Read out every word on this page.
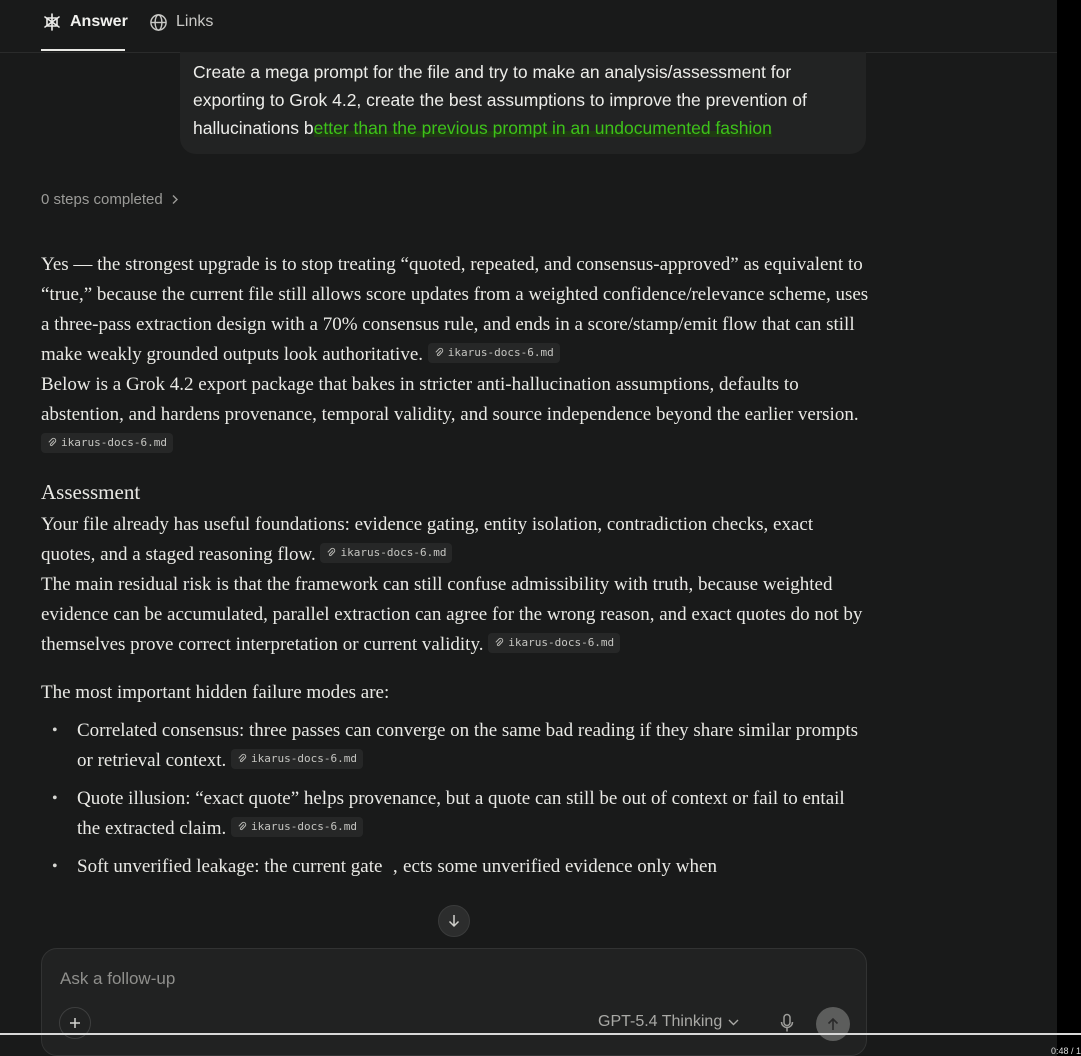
Answer	Links
Create a mega prompt for the file and try to make an analysis/assessment for exporting to Grok 4.2, create the best assumptions to improve the prevention of hallucinations better than the previous prompt in an undocumented fashion
0 steps completed

Yes — the strongest upgrade is to stop treating “quoted, repeated, and consensus-approved” as equivalent to “true,” because the current file still allows score updates from a weighted confidence/relevance scheme, uses a three-pass extraction design with a 70% consensus rule, and ends in a score/stamp/emit flow that can still make weakly grounded outputs look authoritative. ikarus-docs-6.md

Below is a Grok 4.2 export package that bakes in stricter anti-hallucination assumptions, defaults to abstention, and hardens provenance, temporal validity, and source independence beyond the earlier version.
ikarus-docs-6.md

Assessment

Your file already has useful foundations: evidence gating, entity isolation, contradiction checks, exact quotes, and a staged reasoning flow. ikarus-docs-6.md

The main residual risk is that the framework can still confuse admissibility with truth, because weighted evidence can be accumulated, parallel extraction can agree for the wrong reason, and exact quotes do not by themselves prove correct interpretation or current validity. ikarus-docs-6.md

The most important hidden failure modes are:

• Correlated consensus: three passes can converge on the same bad reading if they share similar prompts or retrieval context. ikarus-docs-6.md
• Quote illusion: “exact quote” helps provenance, but a quote can still be out of context or fail to entail the extracted claim. ikarus-docs-6.md
• Soft unverified leakage: the current gate ⁠ ‚ ⁠ects some unverified evidence only when
Ask a follow-up
GPT-5.4 Thinking
0:48 / 1
